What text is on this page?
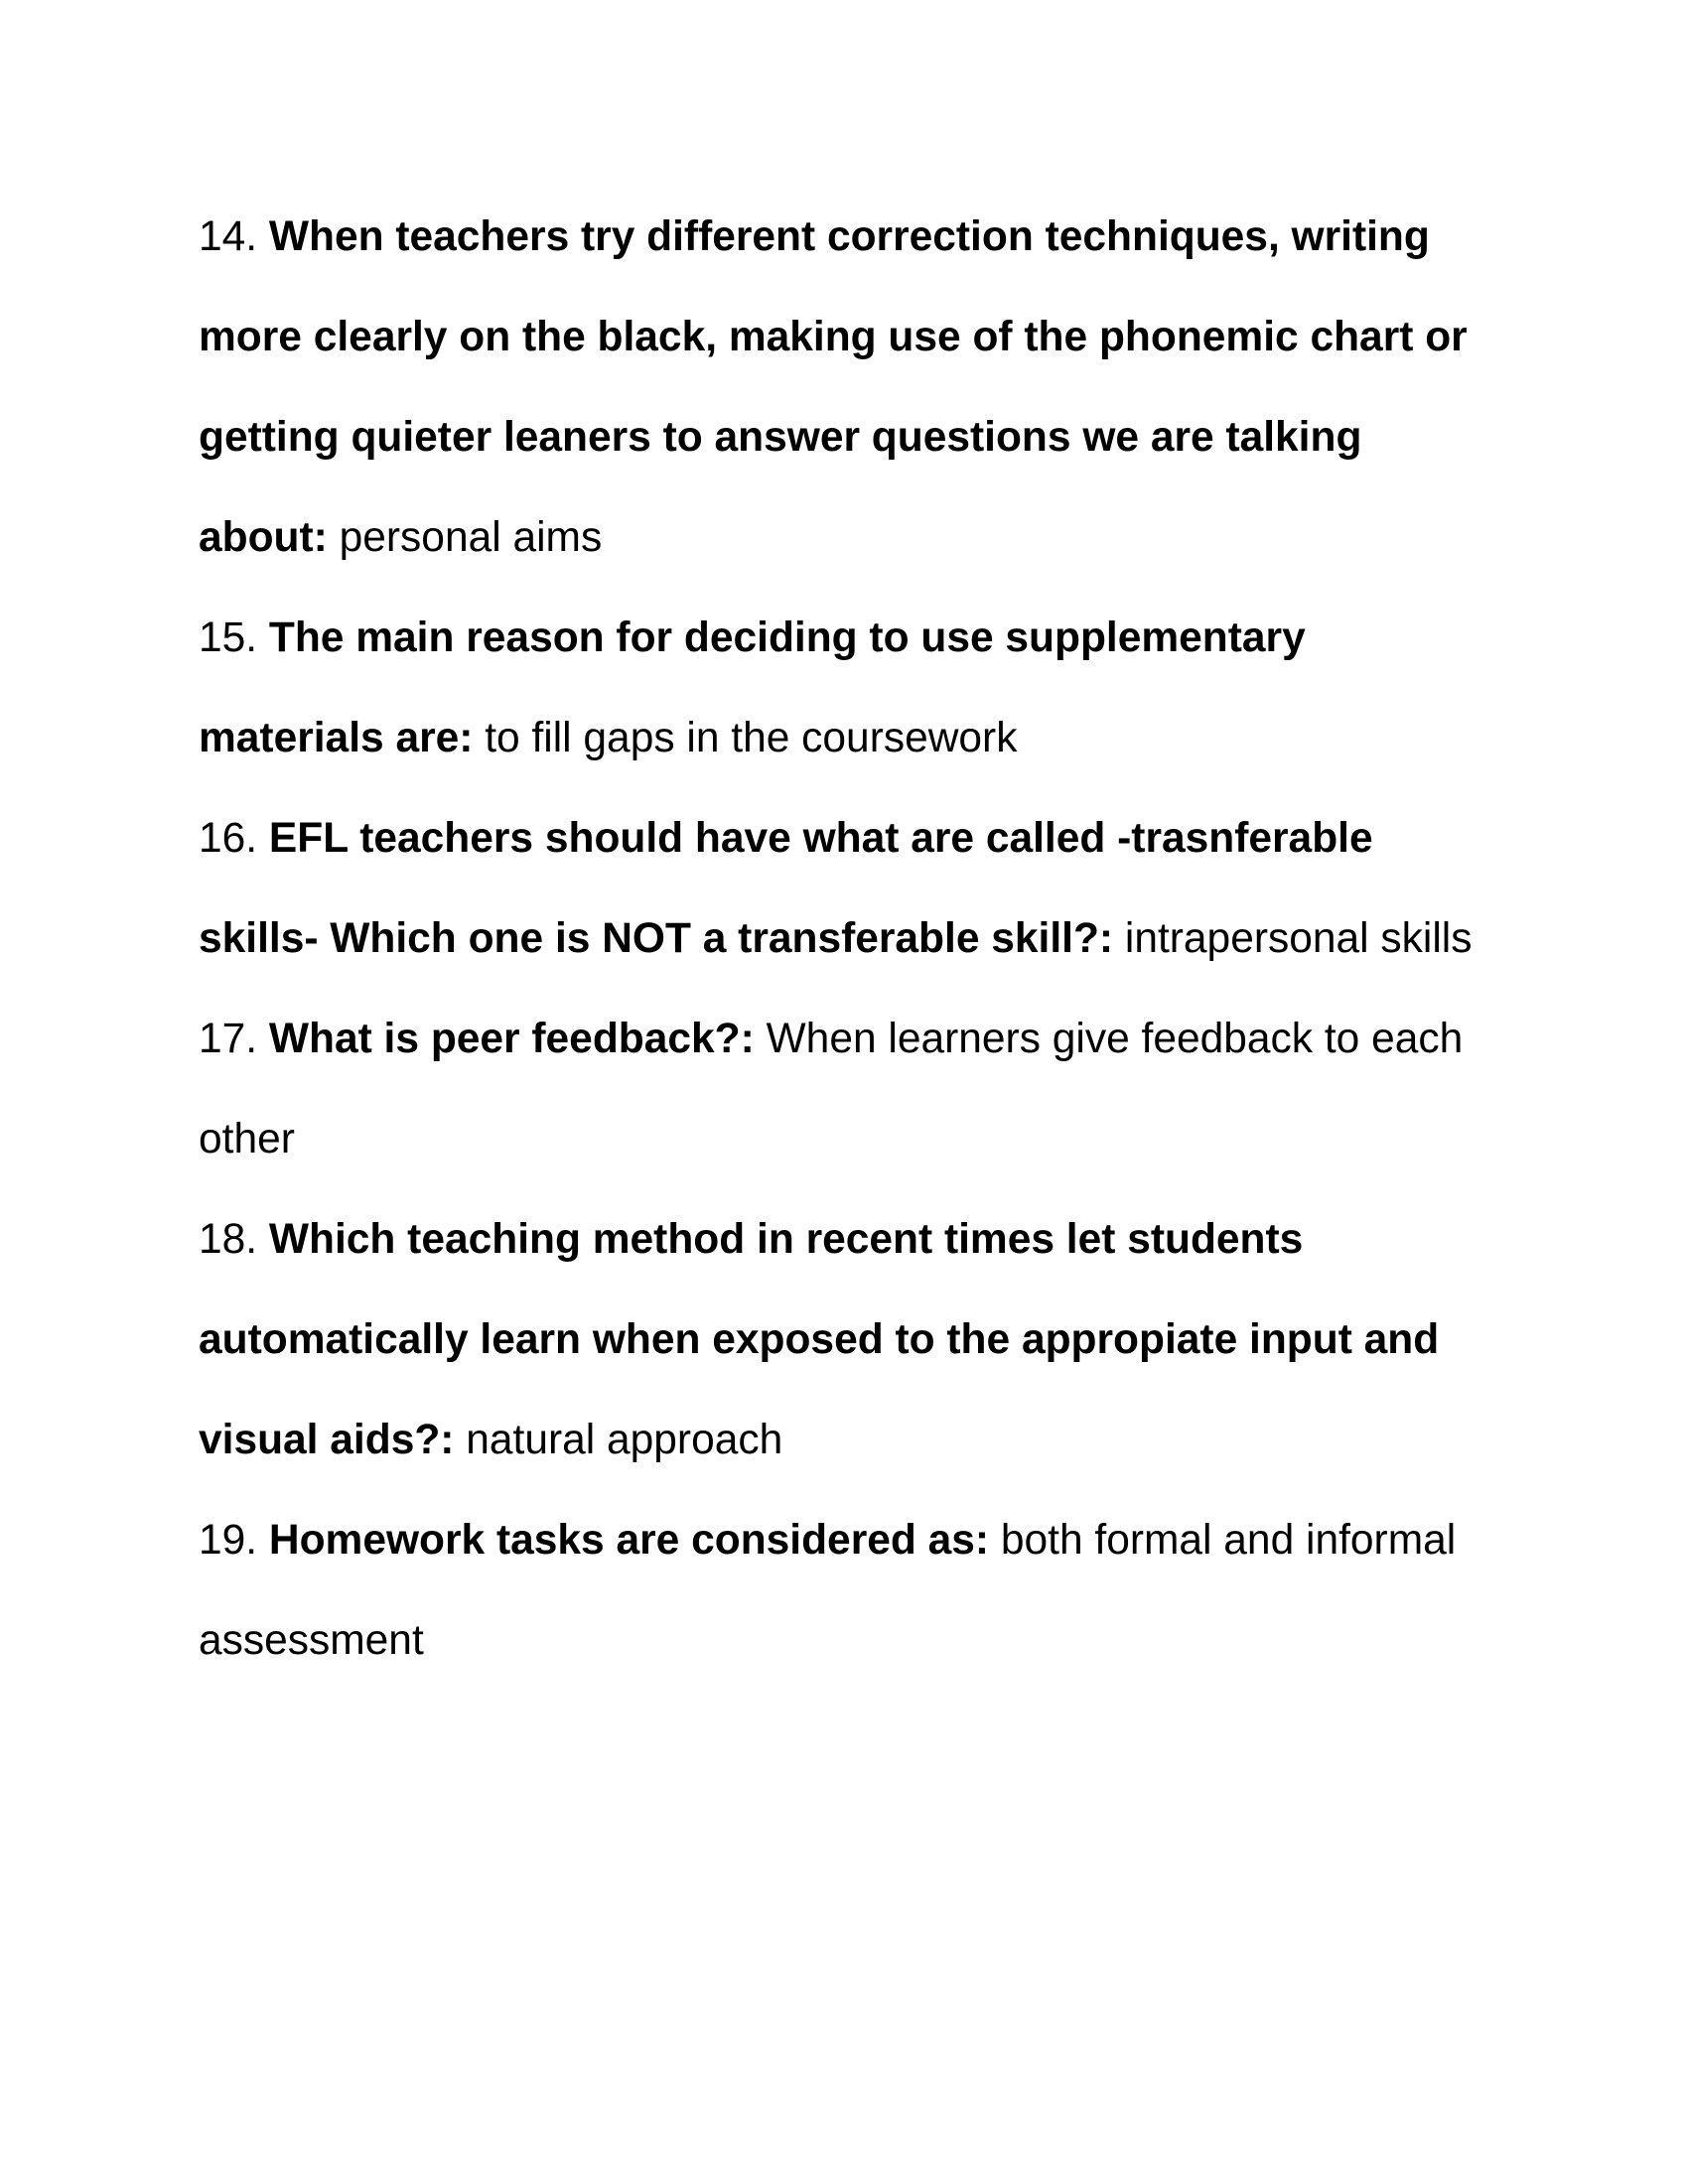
14. When teachers try different correction techniques, writing more clearly on the black, making use of the phonemic chart or getting quieter leaners to answer questions we are talking about: personal aims

15. The main reason for deciding to use supplementary materials are: to fill gaps in the coursework

16. EFL teachers should have what are called -trasnferable skills- Which one is NOT a transferable skill?: intrapersonal skills

17. What is peer feedback?: When learners give feedback to each other

18. Which teaching method in recent times let students automatically learn when exposed to the appropiate input and visual aids?: natural approach

19. Homework tasks are considered as: both formal and informal assessment
